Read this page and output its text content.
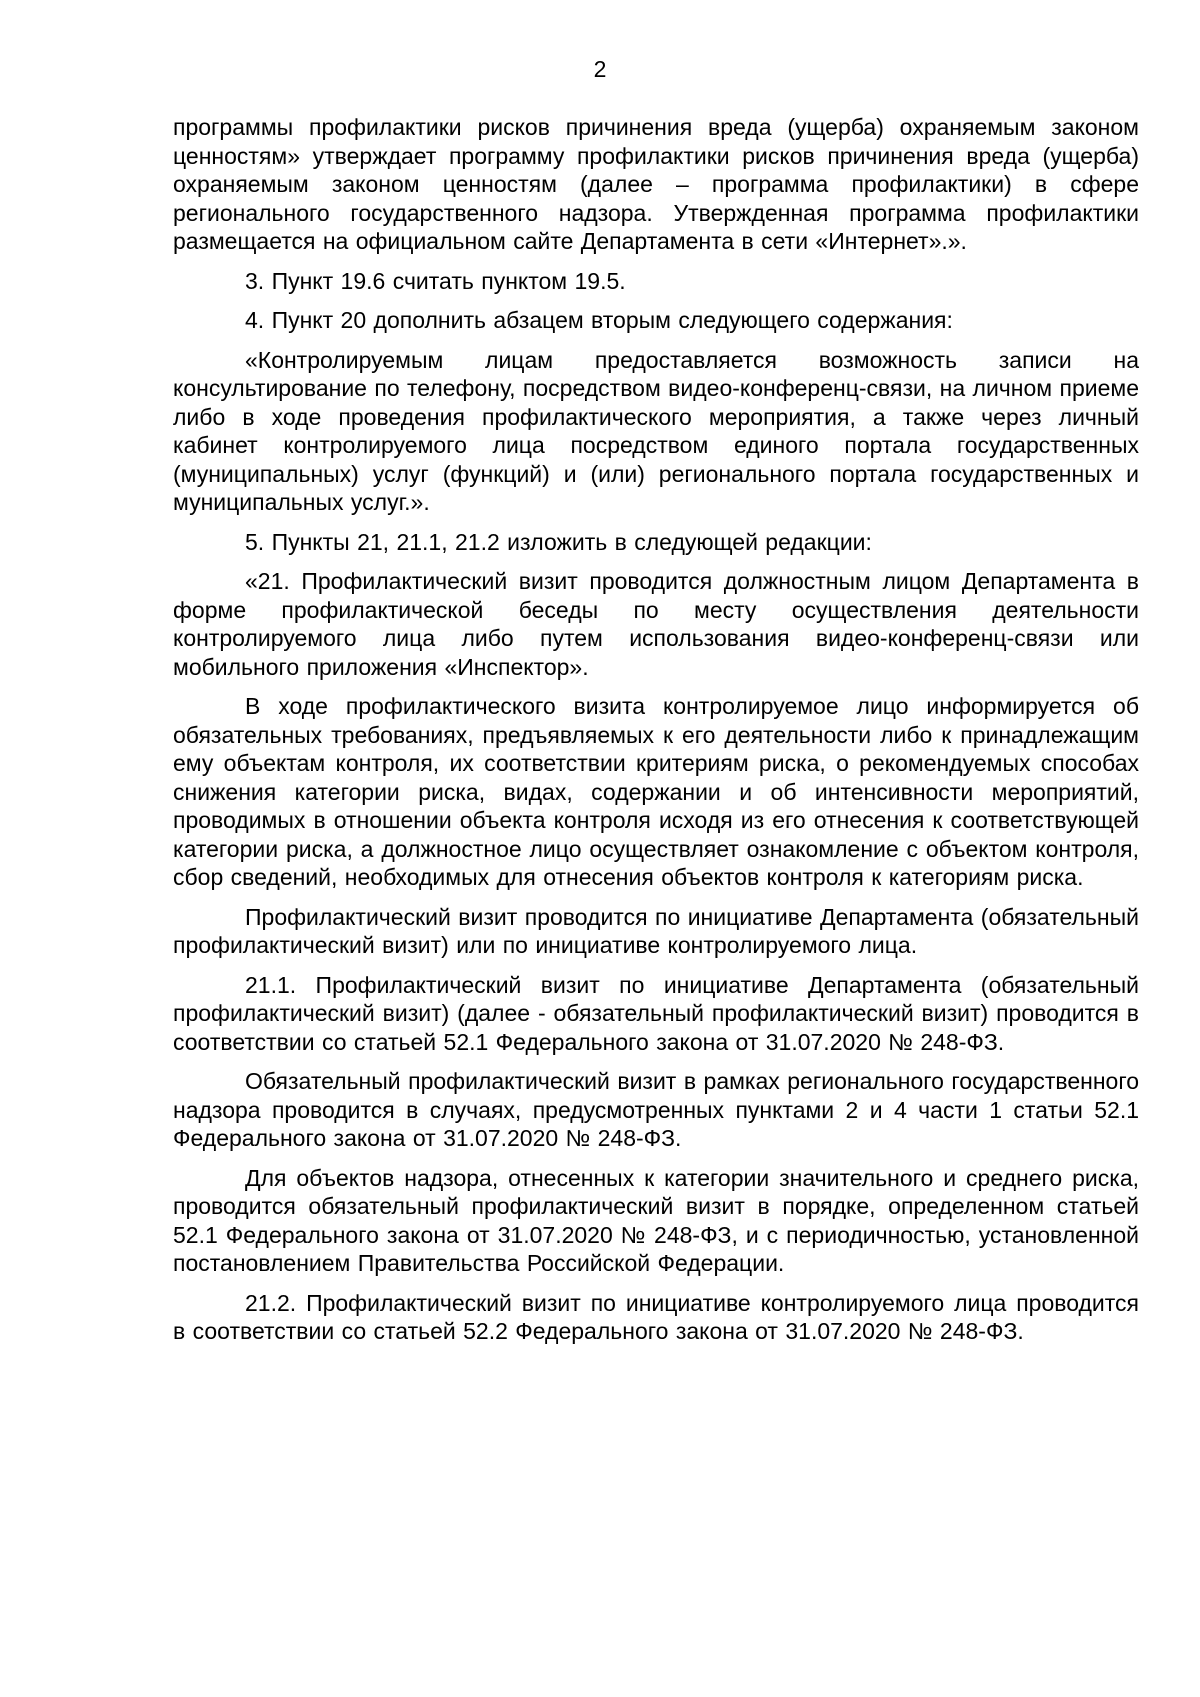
2

программы профилактики рисков причинения вреда (ущерба) охраняемым законом ценностям» утверждает программу профилактики рисков причинения вреда (ущерба) охраняемым законом ценностям (далее – программа профилактики) в сфере регионального государственного надзора. Утвержденная программа профилактики размещается на официальном сайте Департамента в сети «Интернет».».

3. Пункт 19.6 считать пунктом 19.5.

4. Пункт 20 дополнить абзацем вторым следующего содержания:

«Контролируемым лицам предоставляется возможность записи на консультирование по телефону, посредством видео-конференц-связи, на личном приеме либо в ходе проведения профилактического мероприятия, а также через личный кабинет контролируемого лица посредством единого портала государственных (муниципальных) услуг (функций) и (или) регионального портала государственных и муниципальных услуг.».

5. Пункты 21, 21.1, 21.2 изложить в следующей редакции:

«21. Профилактический визит проводится должностным лицом Департамента в форме профилактической беседы по месту осуществления деятельности контролируемого лица либо путем использования видео-конференц-связи или мобильного приложения «Инспектор».

В ходе профилактического визита контролируемое лицо информируется об обязательных требованиях, предъявляемых к его деятельности либо к принадлежащим ему объектам контроля, их соответствии критериям риска, о рекомендуемых способах снижения категории риска, видах, содержании и об интенсивности мероприятий, проводимых в отношении объекта контроля исходя из его отнесения к соответствующей категории риска, а должностное лицо осуществляет ознакомление с объектом контроля, сбор сведений, необходимых для отнесения объектов контроля к категориям риска.

Профилактический визит проводится по инициативе Департамента (обязательный профилактический визит) или по инициативе контролируемого лица.

21.1. Профилактический визит по инициативе Департамента (обязательный профилактический визит) (далее - обязательный профилактический визит) проводится в соответствии со статьей 52.1 Федерального закона от 31.07.2020 № 248-ФЗ.

Обязательный профилактический визит в рамках регионального государственного надзора проводится в случаях, предусмотренных пунктами 2 и 4 части 1 статьи 52.1 Федерального закона от 31.07.2020 № 248-ФЗ.

Для объектов надзора, отнесенных к категории значительного и среднего риска, проводится обязательный профилактический визит в порядке, определенном статьей 52.1 Федерального закона от 31.07.2020 № 248-ФЗ, и с периодичностью, установленной постановлением Правительства Российской Федерации.

21.2. Профилактический визит по инициативе контролируемого лица проводится в соответствии со статьей 52.2 Федерального закона от 31.07.2020 № 248-ФЗ.
